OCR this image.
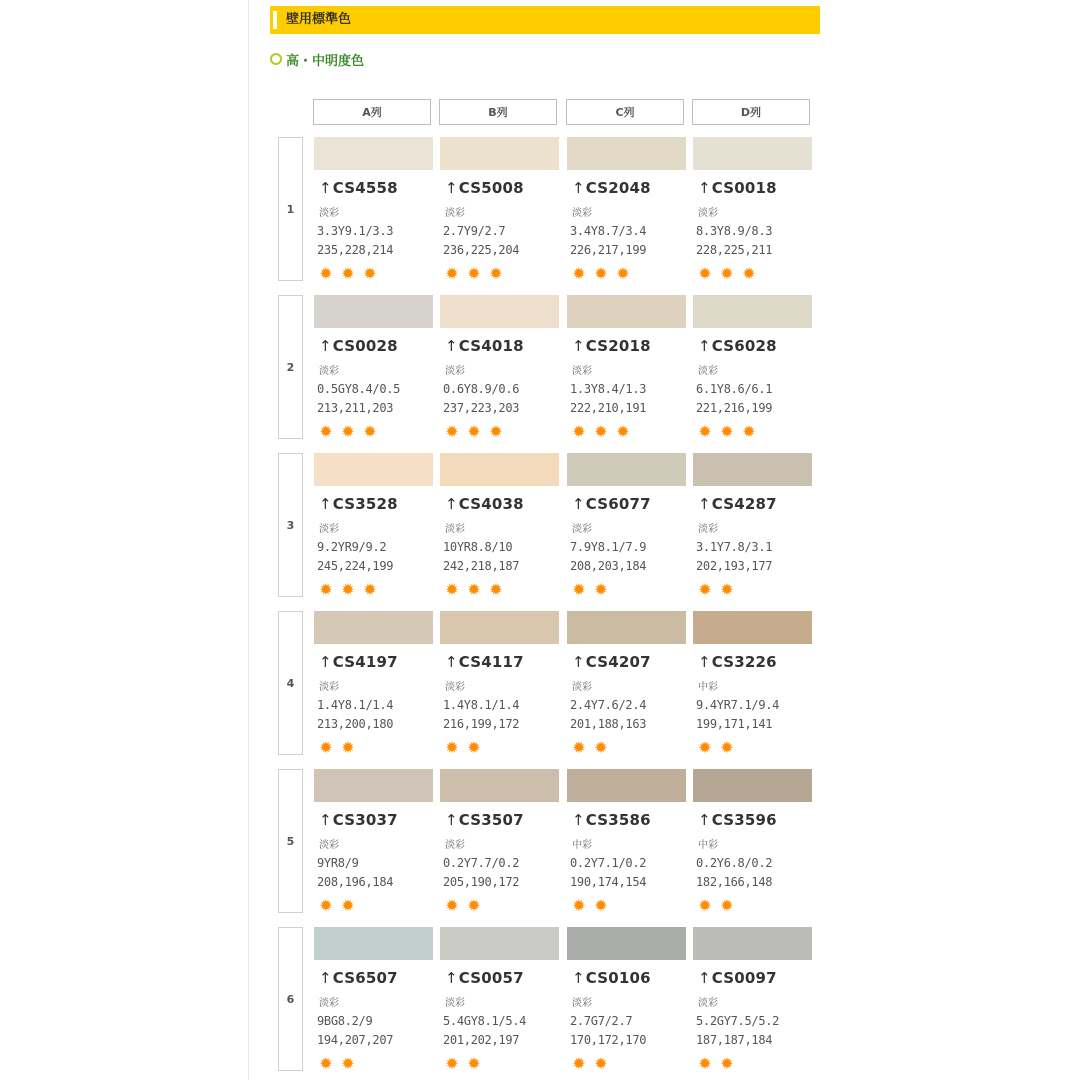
壁用標準色
高・中明度色
A列	B列	C列	D列
1
↑CS4558
淡彩
3.3Y9.1/3.3
235,228,214
✹ ✹ ✹
↑CS5008
淡彩
2.7Y9/2.7
236,225,204
✹ ✹ ✹
↑CS2048
淡彩
3.4Y8.7/3.4
226,217,199
✹ ✹ ✹
↑CS0018
淡彩
8.3Y8.9/8.3
228,225,211
✹ ✹ ✹
2
↑CS0028
淡彩
0.5GY8.4/0.5
213,211,203
✹ ✹ ✹
↑CS4018
淡彩
0.6Y8.9/0.6
237,223,203
✹ ✹ ✹
↑CS2018
淡彩
1.3Y8.4/1.3
222,210,191
✹ ✹ ✹
↑CS6028
淡彩
6.1Y8.6/6.1
221,216,199
✹ ✹ ✹
3
↑CS3528
淡彩
9.2YR9/9.2
245,224,199
✹ ✹ ✹
↑CS4038
淡彩
10YR8.8/10
242,218,187
✹ ✹ ✹
↑CS6077
淡彩
7.9Y8.1/7.9
208,203,184
✹ ✹
↑CS4287
淡彩
3.1Y7.8/3.1
202,193,177
✹ ✹
4
↑CS4197
淡彩
1.4Y8.1/1.4
213,200,180
✹ ✹
↑CS4117
淡彩
1.4Y8.1/1.4
216,199,172
✹ ✹
↑CS4207
淡彩
2.4Y7.6/2.4
201,188,163
✹ ✹
↑CS3226
中彩
9.4YR7.1/9.4
199,171,141
✹ ✹
5
↑CS3037
淡彩
9YR8/9
208,196,184
✹ ✹
↑CS3507
淡彩
0.2Y7.7/0.2
205,190,172
✹ ✹
↑CS3586
中彩
0.2Y7.1/0.2
190,174,154
✹ ✹
↑CS3596
中彩
0.2Y6.8/0.2
182,166,148
✹ ✹
6
↑CS6507
淡彩
9BG8.2/9
194,207,207
✹ ✹
↑CS0057
淡彩
5.4GY8.1/5.4
201,202,197
✹ ✹
↑CS0106
淡彩
2.7G7/2.7
170,172,170
✹ ✹
↑CS0097
淡彩
5.2GY7.5/5.2
187,187,184
✹ ✹
